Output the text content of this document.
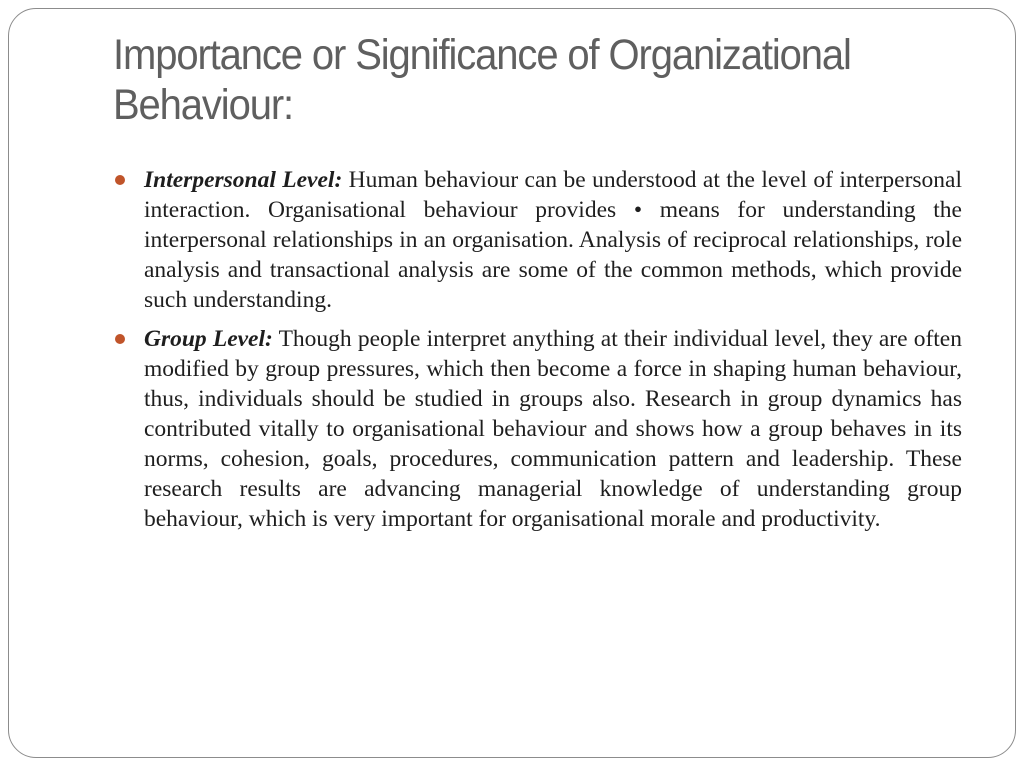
Importance or Significance of Organizational Behaviour:
Interpersonal Level: Human behaviour can be understood at the level of interpersonal interaction. Organisational behaviour provides • means for understanding the interpersonal relationships in an organisation. Analysis of reciprocal relationships, role analysis and transactional analysis are some of the common methods, which provide such understanding.
Group Level: Though people interpret anything at their individual level, they are often modified by group pressures, which then become a force in shaping human behaviour, thus, individuals should be studied in groups also. Research in group dynamics has contributed vitally to organisational behaviour and shows how a group behaves in its norms, cohesion, goals, procedures, communication pattern and leadership. These research results are advancing managerial knowledge of understanding group behaviour, which is very important for organisational morale and productivity.
